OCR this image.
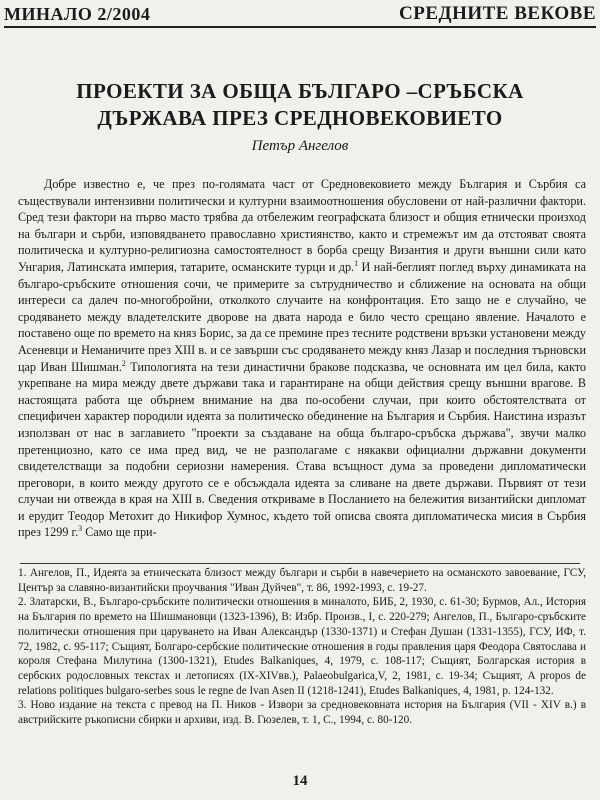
МИНАЛО 2/2004	СРЕДНИТЕ ВЕКОВЕ
ПРОЕКТИ ЗА ОБЩА БЪЛГАРО –СРЪБСКА
ДЪРЖАВА ПРЕЗ СРЕДНОВЕКОВИЕТО
Петър Ангелов
Добре известно е, че през по-голямата част от Средновековието между България и Сърбия са съществували интензивни политически и културни взаимоотношения обусловени от най-различни фактори. Сред тези фактори на първо масто трябва да отбележим географската близост и общия етнически произход на българи и сърби, изповядването православно християнство, както и стремежът им да отстояват своята политическа и културно-религиозна самостоятелност в борба срещу Византия и други външни сили като Унгария, Латинската империя, татарите, османските турци и др.$^1$ И най-беглият поглед върху динамиката на българо-сръбските отношения сочи, че примерите за сътрудничество и сближение на основата на общи интереси са далеч по-многобройни, отколкото случаите на конфронтация. Ето защо не е случайно, че сродяването между владетелските дворове на двата народа е било често срещано явление. Началото е поставено още по времето на княз Борис, за да се премине през тесните родствени връзки установени между Асеневци и Неманичите през XIII в. и се завърши със сродяването между княз Лазар и последния търновски цар Иван Шишман.$^2$ Типологията на тези династични бракове подсказва, че основната им цел била, както укрепване на мира между двете държави така и гарантиране на общи действия срещу външни врагове. В настоящата работа ще обърнем внимание на два по-особени случаи, при които обстоятелствата от специфичен характер породили идеята за политическо обединение на България и Сърбия. Наистина изразът използван от нас в заглавието "проекти за създаване на обща българо-сръбска държава", звучи малко претенциозно, като се има пред вид, че не разполагаме с някакви официални държавни документи свидетелстващи за подобни сериозни намерения. Става всъщност дума за проведени дипломатически преговори, в които между другото се е обсъждала идеята за сливане на двете държави. Първият от тези случаи ни отвежда в края на XIII в. Сведения откриваме в Посланието на бележития византийски дипломат и ерудит Теодор Метохит до Никифор Хумнос, където той описва своята дипломатическа мисия в Сърбия през 1299 г.$^3$ Само ще при-

1. Ангелов, П., Идеята за етническата близост между българи и сърби в навечерието на османското завоевание, ГСУ, Център за славяно-византийски проучвания "Иван Дуйчев", т. 86, 1992-1993, с. 19-27.

2. Златарски, В., Българо-сръбските политически отношения в миналото, БИБ, 2, 1930, с. 61-30; Бурмов, Ал., История на България по времето на Шишмановци (1323-1396), В: Избр. Произв., I, с. 220-279; Ангелов, П., Българо-сръбските политически отношения при царуването на Иван Александър (1330-1371) и Стефан Душан (1331-1355), ГСУ, ИФ, т. 72, 1982, с. 95-117; Същият, Болгаро-сербские политические отношения в годы правления царя Феодора Святослава и короля Стефана Милутина (1300-1321), Etudes Balkaniques, 4, 1979, с. 108-117; Същият, Болгарская история в сербских родословных текстах и летописях (IX-XIVвв.), Palaeobulgarica,V, 2, 1981, с. 19-34; Същият, A propos de relations politiques bulgaro-serbes sous le regne de Ivan Asen II (1218-1241), Etudes Balkaniques, 4, 1981, p. 124-132.

3. Ново издание на текста с превод на П. Ников - Извори за средновековната история на България (VII - XIV в.) в австрийските ръкописни сбирки и архиви, изд. В. Гюзелев, т. 1, С., 1994, с. 80-120.

14
